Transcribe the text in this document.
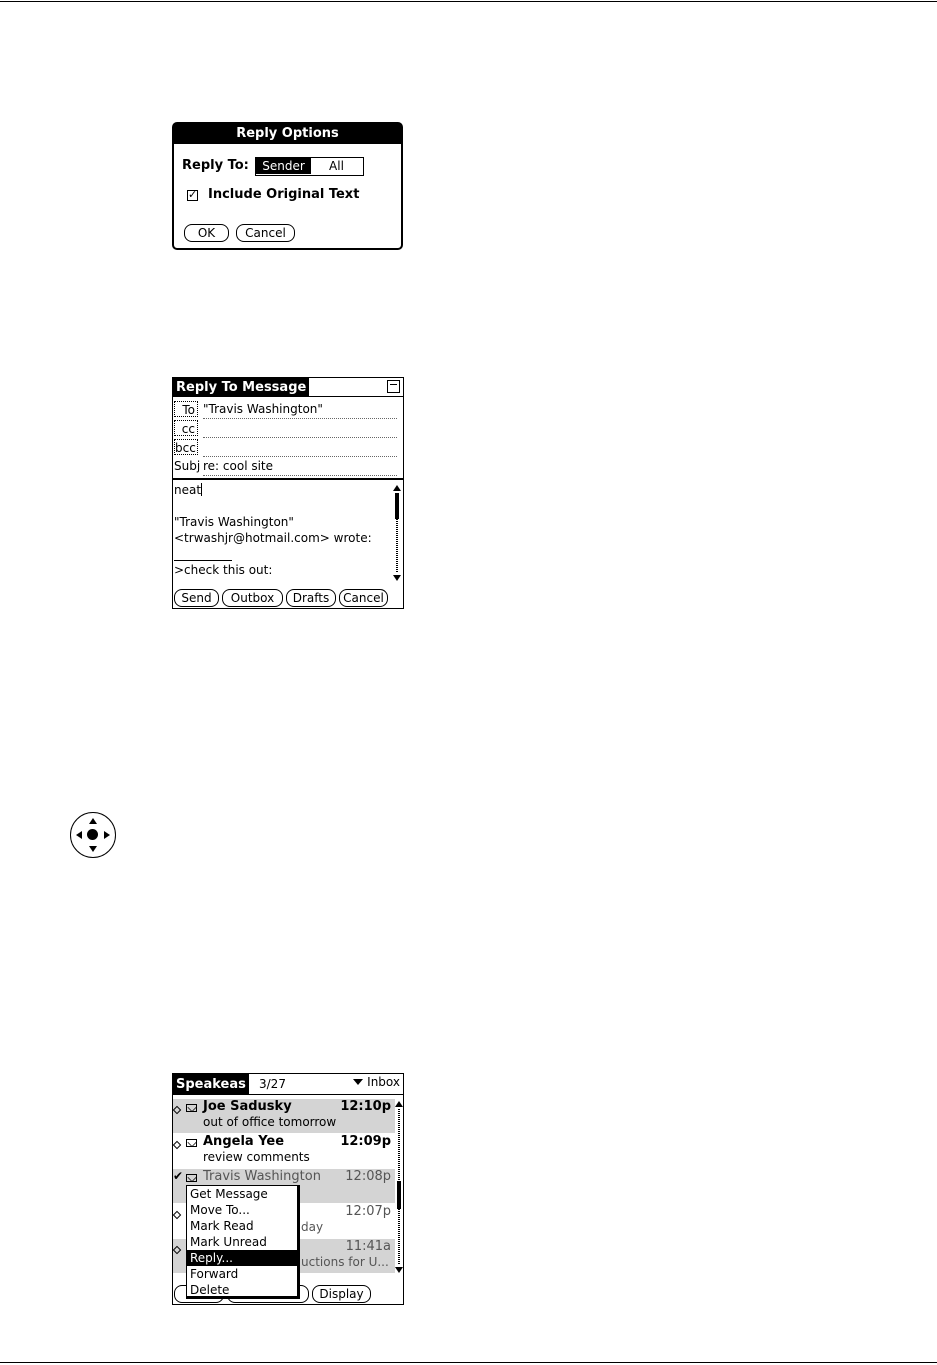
Reply Options
Reply To:	Sender	All
✓ Include Original Text
OK	Cancel
Reply To Message
To "Travis Washington"
cc
bcc
Subj re: cool site
neat
"Travis Washington"
<trwashjr@hotmail.com> wrote:
>check this out:
Send	Outbox	Drafts	Cancel
Speakeas 3/27	Inbox
Joe Sadusky	12:10p
out of office tomorrow
Angela Yee	12:09p
review comments
✔ Travis Washington 12:08p
12:07p
day
11:41a
uctions for U...
Display
Get Message
Move To...
Mark Read
Mark Unread
Reply...
Forward
Delete
